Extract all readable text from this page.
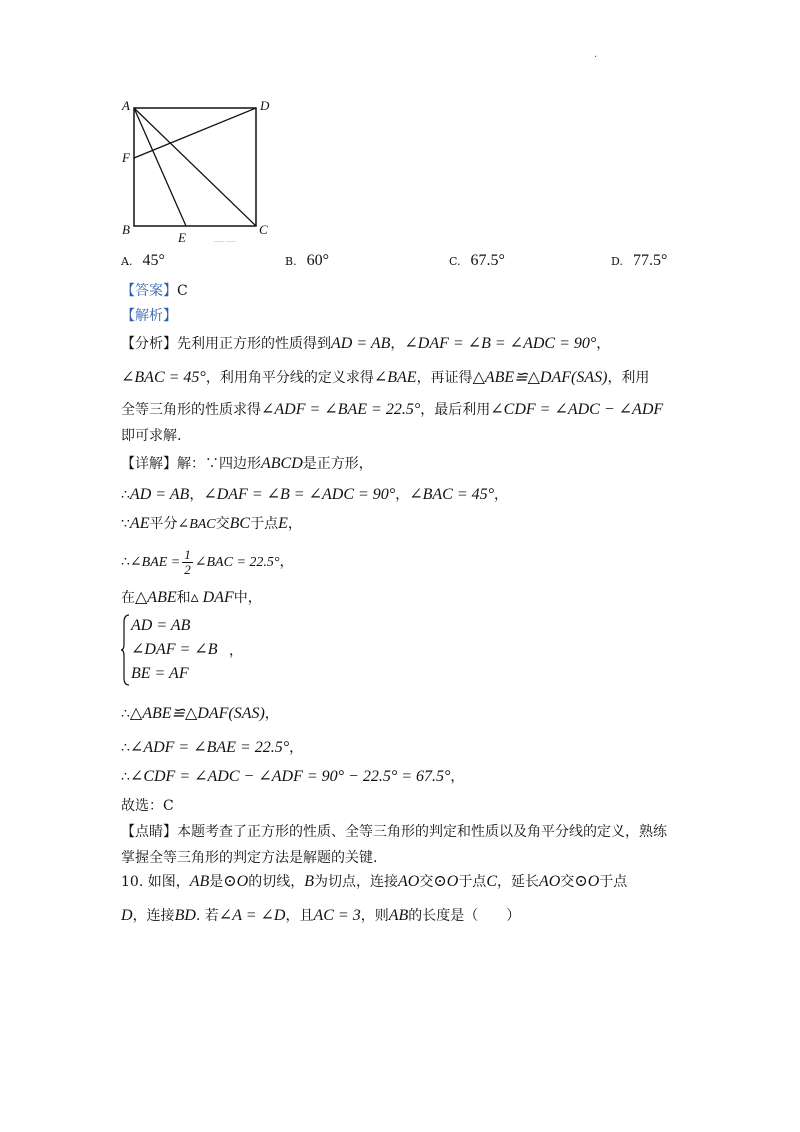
·
A	D
F
B
E
C
—— ——
A. 45°	B. 60°	C. 67.5°	D. 77.5°
【答案】C
【解析】
【分析】先利用正方形的性质得到AD = AB，∠DAF = ∠B = ∠ADC = 90°，
∠BAC = 45°，利用角平分线的定义求得∠BAE，再证得△ABE≌△DAF(SAS)，利用
全等三角形的性质求得∠ADF = ∠BAE = 22.5°，最后利用∠CDF = ∠ADC − ∠ADF
即可求解.
【详解】解：∵四边形ABCD是正方形，
∴AD = AB，∠DAF = ∠B = ∠ADC = 90°，∠BAC = 45°，
∵AE平分∠BAC交BC于点E，
∴∠BAE = $\frac{1}{2}$ ∠BAC = 22.5°，
在△ABE和▵ DAF中，
AD = AB
∠DAF = ∠B
BE = AF
，
∴△ABE≌△DAF(SAS)，
∴∠ADF = ∠BAE = 22.5°，
∴∠CDF = ∠ADC − ∠ADF = 90° − 22.5° = 67.5°，
故选：C
【点睛】本题考查了正方形的性质、全等三角形的判定和性质以及角平分线的定义，熟练
掌握全等三角形的判定方法是解题的关键.
10. 如图，AB是⊙O的切线，B为切点，连接AO交⊙O于点C，延长AO交⊙O于点
D，连接BD. 若∠A = ∠D，且AC = 3，则AB的长度是（　　）
